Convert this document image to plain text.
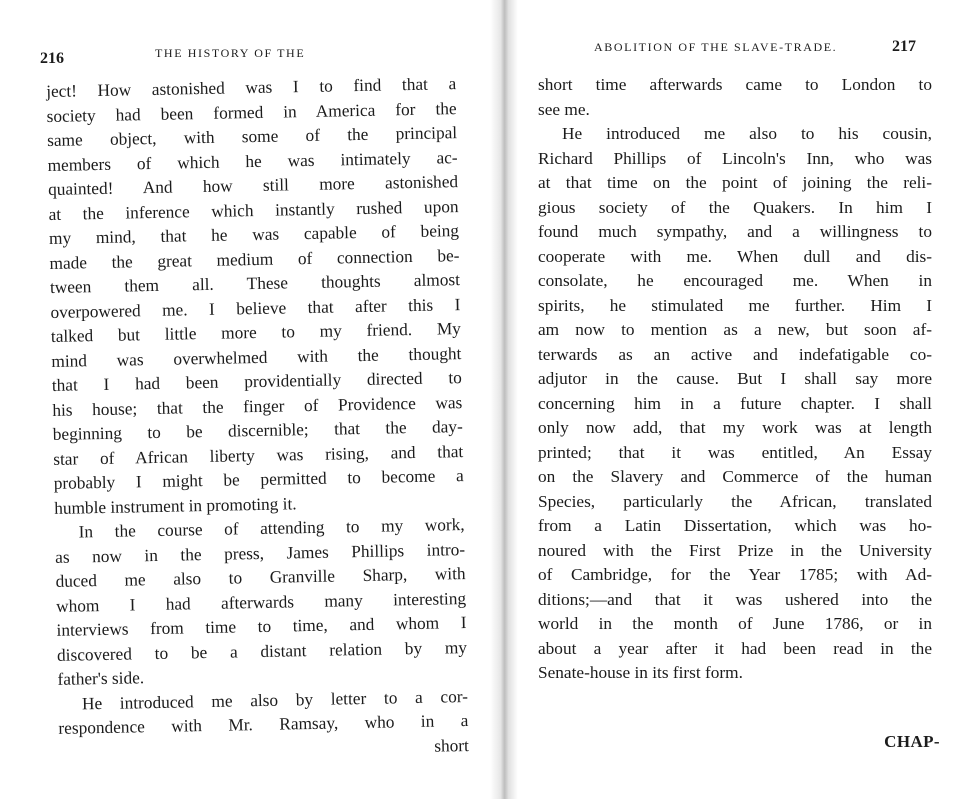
216	THE HISTORY OF THE
ject! How astonished was I to find that a
society had been formed in America for the
same object, with some of the principal
members of which he was intimately ac-
quainted! And how still more astonished
at the inference which instantly rushed upon
my mind, that he was capable of being
made the great medium of connection be-
tween them all. These thoughts almost
overpowered me. I believe that after this I
talked but little more to my friend. My
mind was overwhelmed with the thought
that I had been providentially directed to
his house; that the finger of Providence was
beginning to be discernible; that the day-
star of African liberty was rising, and that
probably I might be permitted to become a
humble instrument in promoting it.
In the course of attending to my work,
as now in the press, James Phillips intro-
duced me also to Granville Sharp, with
whom I had afterwards many interesting
interviews from time to time, and whom I
discovered to be a distant relation by my
father's side.
He introduced me also by letter to a cor-
respondence with Mr. Ramsay, who in a
short
ABOLITION OF THE SLAVE-TRADE.	217
short time afterwards came to London to
see me.
He introduced me also to his cousin,
Richard Phillips of Lincoln's Inn, who was
at that time on the point of joining the reli-
gious society of the Quakers. In him I
found much sympathy, and a willingness to
cooperate with me. When dull and dis-
consolate, he encouraged me. When in
spirits, he stimulated me further. Him I
am now to mention as a new, but soon af-
terwards as an active and indefatigable co-
adjutor in the cause. But I shall say more
concerning him in a future chapter. I shall
only now add, that my work was at length
printed; that it was entitled, An Essay
on the Slavery and Commerce of the human
Species, particularly the African, translated
from a Latin Dissertation, which was ho-
noured with the First Prize in the University
of Cambridge, for the Year 1785; with Ad-
ditions;—and that it was ushered into the
world in the month of June 1786, or in
about a year after it had been read in the
Senate-house in its first form.
CHAP-
